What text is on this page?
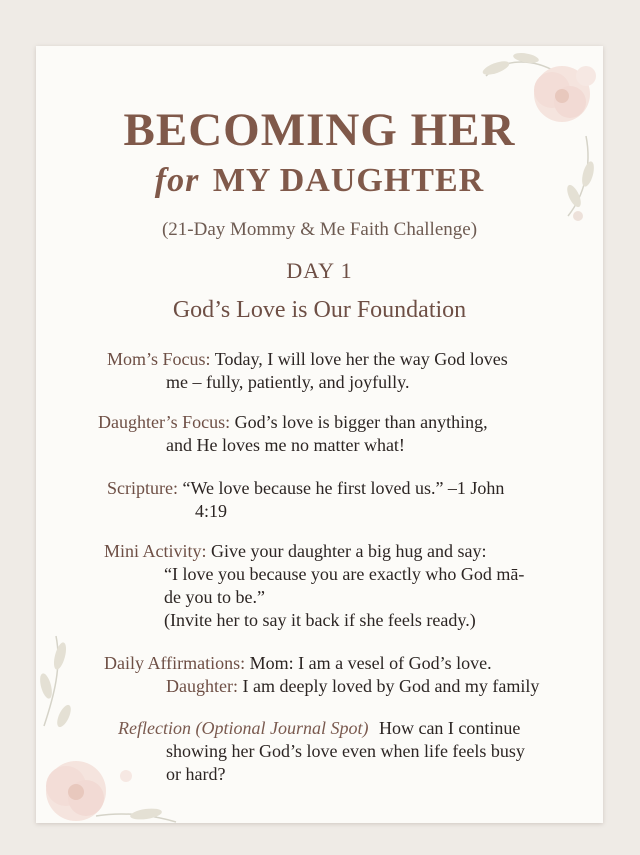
BECOMING HER
for MY DAUGHTER
(21-Day Mommy & Me Faith Challenge)
DAY 1
God’s Love is Our Foundation
Mom’s Focus: Today, I will love her the way God loves
me – fully, patiently, and joyfully.
Daughter’s Focus: God’s love is bigger than anything,
and He loves me no matter what!
Scripture: “We love because he first loved us.” –1 John
4:19
Mini Activity: Give your daughter a big hug and say:
“I love you because you are exactly who God mā-
de you to be.”
(Invite her to say it back if she feels ready.)
Daily Affirmations: Mom: I am a vesel of God’s love.
Daughter: I am deeply loved by God and my family
Reflection (Optional Journal Spot) How can I continue
showing her God’s love even when life feels busy
or hard?
